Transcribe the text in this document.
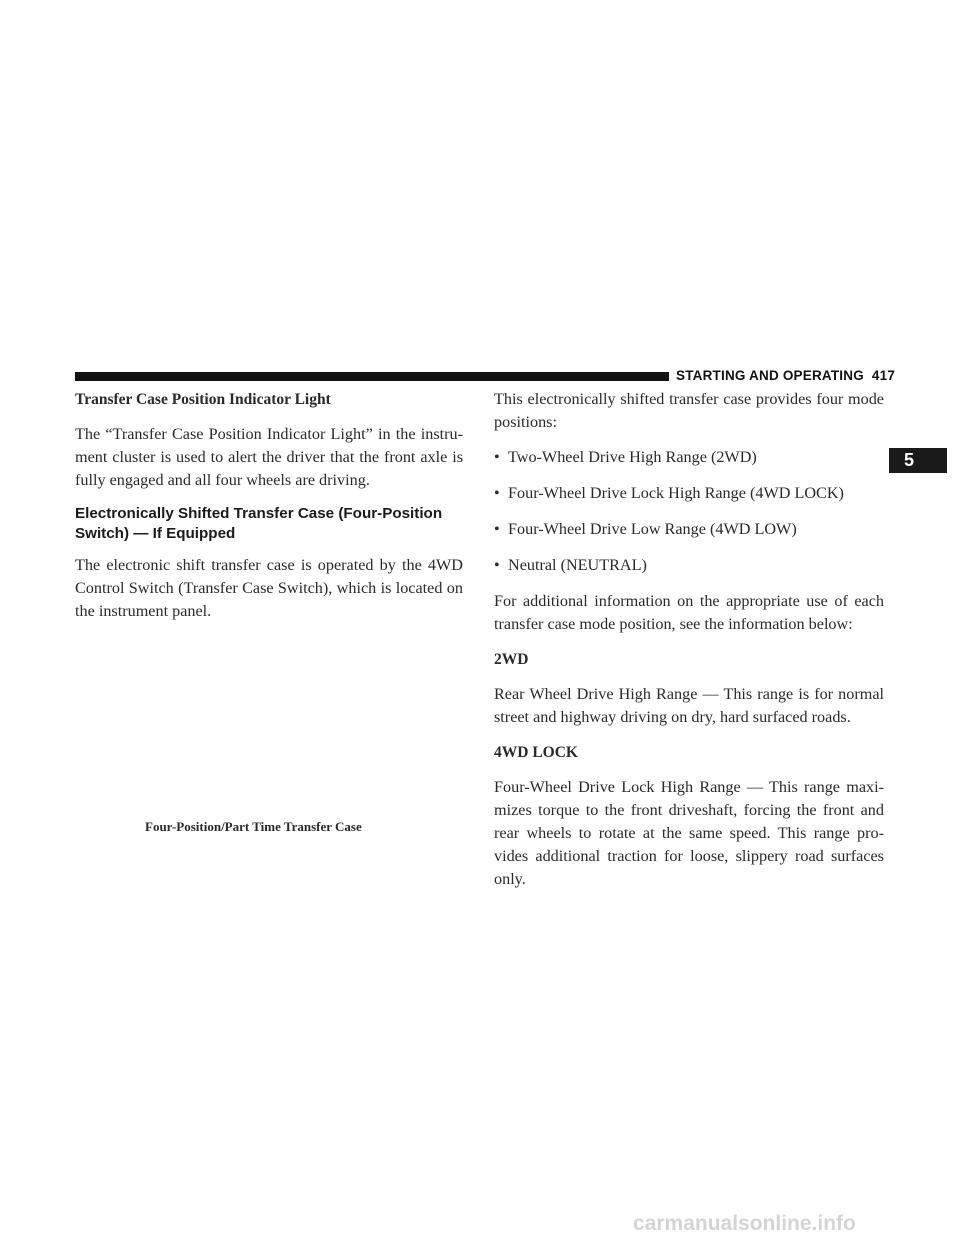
STARTING AND OPERATING 417
5
Transfer Case Position Indicator Light

The “Transfer Case Position Indicator Light” in the instru- ment cluster is used to alert the driver that the front axle is fully engaged and all four wheels are driving.

Electronically Shifted Transfer Case (Four-Position Switch) — If Equipped

The electronic shift transfer case is operated by the 4WD Control Switch (Transfer Case Switch), which is located on the instrument panel.

Four-Position/Part Time Transfer Case

This electronically shifted transfer case provides four mode positions:

• Two-Wheel Drive High Range (2WD)
• Four-Wheel Drive Lock High Range (4WD LOCK)
• Four-Wheel Drive Low Range (4WD LOW)
• Neutral (NEUTRAL)

For additional information on the appropriate use of each transfer case mode position, see the information below:

2WD

Rear Wheel Drive High Range — This range is for normal street and highway driving on dry, hard surfaced roads.

4WD LOCK

Four-Wheel Drive Lock High Range — This range maxi- mizes torque to the front driveshaft, forcing the front and rear wheels to rotate at the same speed. This range pro- vides additional traction for loose, slippery road surfaces only.

carmanualsonline.info
